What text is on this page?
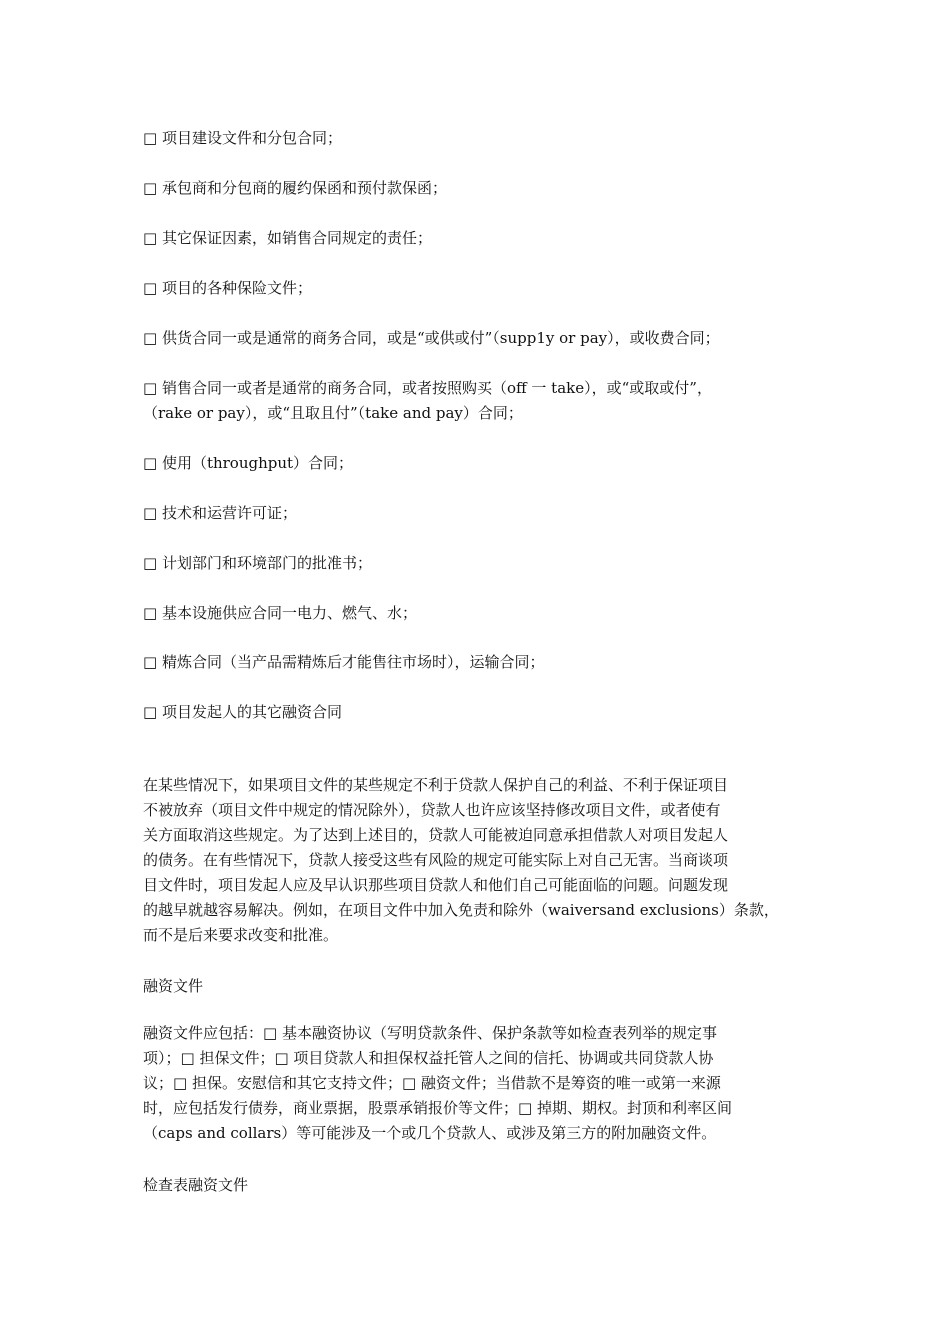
□ 项目建设文件和分包合同；
□ 承包商和分包商的履约保函和预付款保函；
□ 其它保证因素，如销售合同规定的责任；
□ 项目的各种保险文件；
□ 供货合同一或是通常的商务合同，或是“或供或付”（supp1y or pay），或收费合同；
□ 销售合同一或者是通常的商务合同，或者按照购买（off 一 take），或“或取或付”，
（rake or pay），或“且取且付”（take and pay）合同；
□ 使用（throughput）合同；
□ 技术和运营许可证；
□ 计划部门和环境部门的批准书；
□ 基本设施供应合同一电力、燃气、水；
□ 精炼合同（当产品需精炼后才能售往市场时），运输合同；
□ 项目发起人的其它融资合同
在某些情况下，如果项目文件的某些规定不利于贷款人保护自己的利益、不利于保证项目
不被放弃（项目文件中规定的情况除外），贷款人也许应该坚持修改项目文件，或者使有
关方面取消这些规定。为了达到上述目的，贷款人可能被迫同意承担借款人对项目发起人
的债务。在有些情况下，贷款人接受这些有风险的规定可能实际上对自己无害。当商谈项
目文件时，项目发起人应及早认识那些项目贷款人和他们自己可能面临的问题。问题发现
的越早就越容易解决。例如，在项目文件中加入免责和除外（waiversand exclusions）条款，
而不是后来要求改变和批准。
融资文件
融资文件应包括：□ 基本融资协议（写明贷款条件、保护条款等如检查表列举的规定事
项）；□ 担保文件；□ 项目贷款人和担保权益托管人之间的信托、协调或共同贷款人协
议；□ 担保。安慰信和其它支持文件；□ 融资文件；当借款不是筹资的唯一或第一来源
时，应包括发行债券，商业票据，股票承销报价等文件；□ 掉期、期权。封顶和利率区间
（caps and collars）等可能涉及一个或几个贷款人、或涉及第三方的附加融资文件。
检查表融资文件
